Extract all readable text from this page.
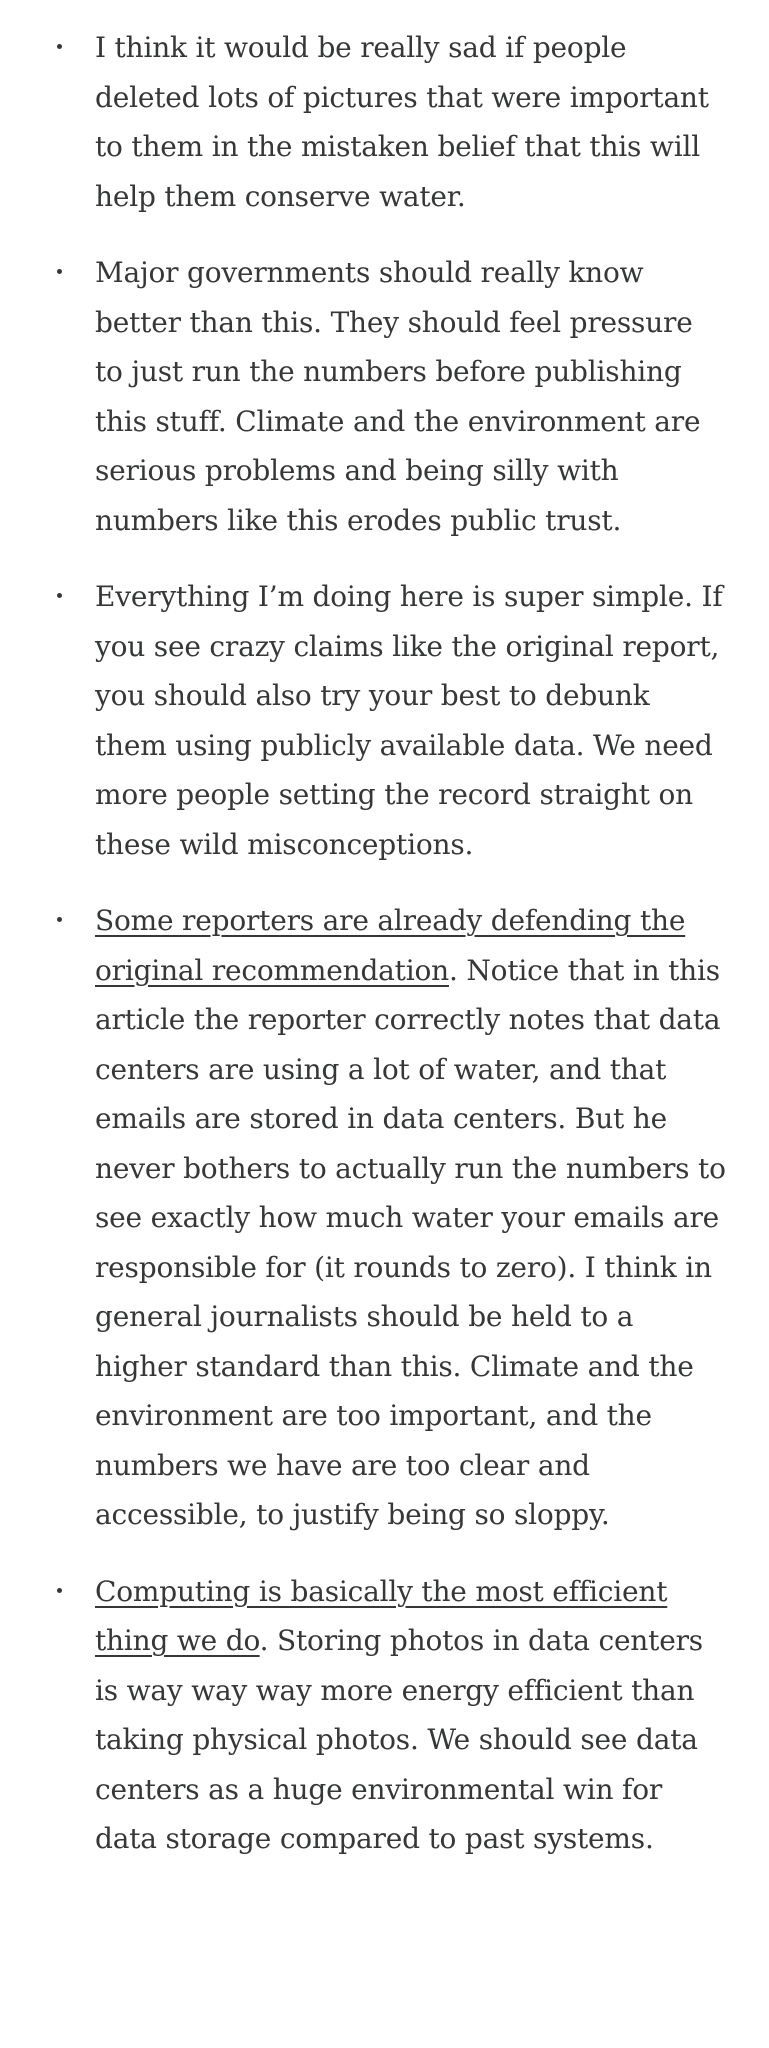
I think it would be really sad if people deleted lots of pictures that were important to them in the mistaken belief that this will help them conserve water.
Major governments should really know better than this. They should feel pressure to just run the numbers before publishing this stuff. Climate and the environment are serious problems and being silly with numbers like this erodes public trust.
Everything I’m doing here is super simple. If you see crazy claims like the original report, you should also try your best to debunk them using publicly available data. We need more people setting the record straight on these wild misconceptions.
Some reporters are already defending the original recommendation. Notice that in this article the reporter correctly notes that data centers are using a lot of water, and that emails are stored in data centers. But he never bothers to actually run the numbers to see exactly how much water your emails are responsible for (it rounds to zero). I think in general journalists should be held to a higher standard than this. Climate and the environment are too important, and the numbers we have are too clear and accessible, to justify being so sloppy.
Computing is basically the most efficient thing we do. Storing photos in data centers is way way way more energy efficient than taking physical photos. We should see data centers as a huge environmental win for data storage compared to past systems.
